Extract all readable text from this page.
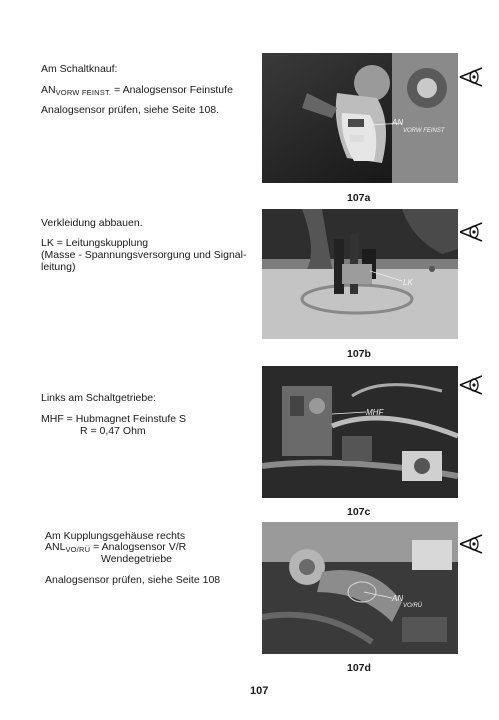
Am Schaltknauf:
$AN_{VORW FEINST.}$ = Analogsensor Feinstufe
Analogsensor prüfen, siehe Seite 108.
AN
VORW FEINST
107a
Verkleidung abbauen.
LK = Leitungskupplung
(Masse - Spannungsversorgung und Signal-
leitung)
LK
107b
Links am Schaltgetriebe:
MHF = Hubmagnet Feinstufe S
R = 0,47 Ohm
MHF
107c
Am Kupplungsgehäuse rechts
$ANL_{VO/RÜ}$ = Analogsensor V/R
Wendegetriebe
Analogsensor prüfen, siehe Seite 108
AN
VO/RÜ
107d
107
